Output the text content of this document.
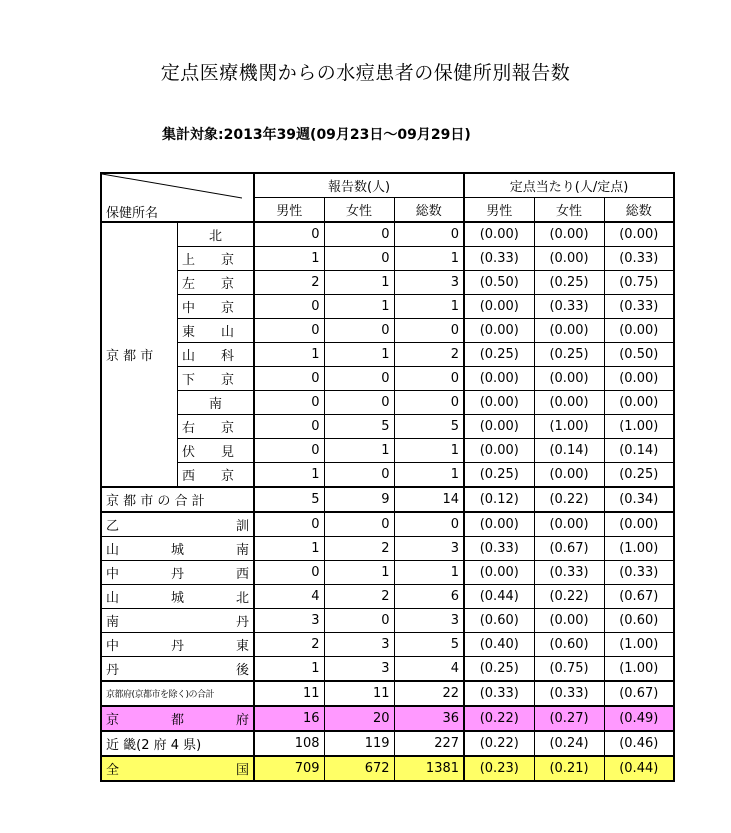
定点医療機関からの水痘患者の保健所別報告数
集計対象:2013年39週(09月23日〜09月29日)
保健所名		報告数(人)			定点当たり(人/定点)		
		男性	女性	総数	男性	女性	総数
京 都 市	北	0	0	0	(0.00)	(0.00)	(0.00)
	上　　京	1	0	1	(0.33)	(0.00)	(0.33)
	左　　京	2	1	3	(0.50)	(0.25)	(0.75)
	中　　京	0	1	1	(0.00)	(0.33)	(0.33)
	東　　山	0	0	0	(0.00)	(0.00)	(0.00)
	山　　科	1	1	2	(0.25)	(0.25)	(0.50)
	下　　京	0	0	0	(0.00)	(0.00)	(0.00)
	南	0	0	0	(0.00)	(0.00)	(0.00)
	右　　京	0	5	5	(0.00)	(1.00)	(1.00)
	伏　　見	0	1	1	(0.00)	(0.14)	(0.14)
	西　　京	1	0	1	(0.25)	(0.00)	(0.25)
京 都 市 の 合 計		5	9	14	(0.12)	(0.22)	(0.34)
乙　　　　　　　　　訓		0	0	0	(0.00)	(0.00)	(0.00)
山　　　　城　　　　南		1	2	3	(0.33)	(0.67)	(1.00)
中　　　　丹　　　　西		0	1	1	(0.00)	(0.33)	(0.33)
山　　　　城　　　　北		4	2	6	(0.44)	(0.22)	(0.67)
南　　　　　　　　　丹		3	0	3	(0.60)	(0.00)	(0.60)
中　　　　丹　　　　東		2	3	5	(0.40)	(0.60)	(1.00)
丹　　　　　　　　　後		1	3	4	(0.25)	(0.75)	(1.00)
京都府(京都市を除く)の合計		11	11	22	(0.33)	(0.33)	(0.67)
京　　　　都　　　　府		16	20	36	(0.22)	(0.27)	(0.49)
近 畿(2 府 4 県)		108	119	227	(0.22)	(0.24)	(0.46)
全　　　　　　　　　国		709	672	1381	(0.23)	(0.21)	(0.44)
